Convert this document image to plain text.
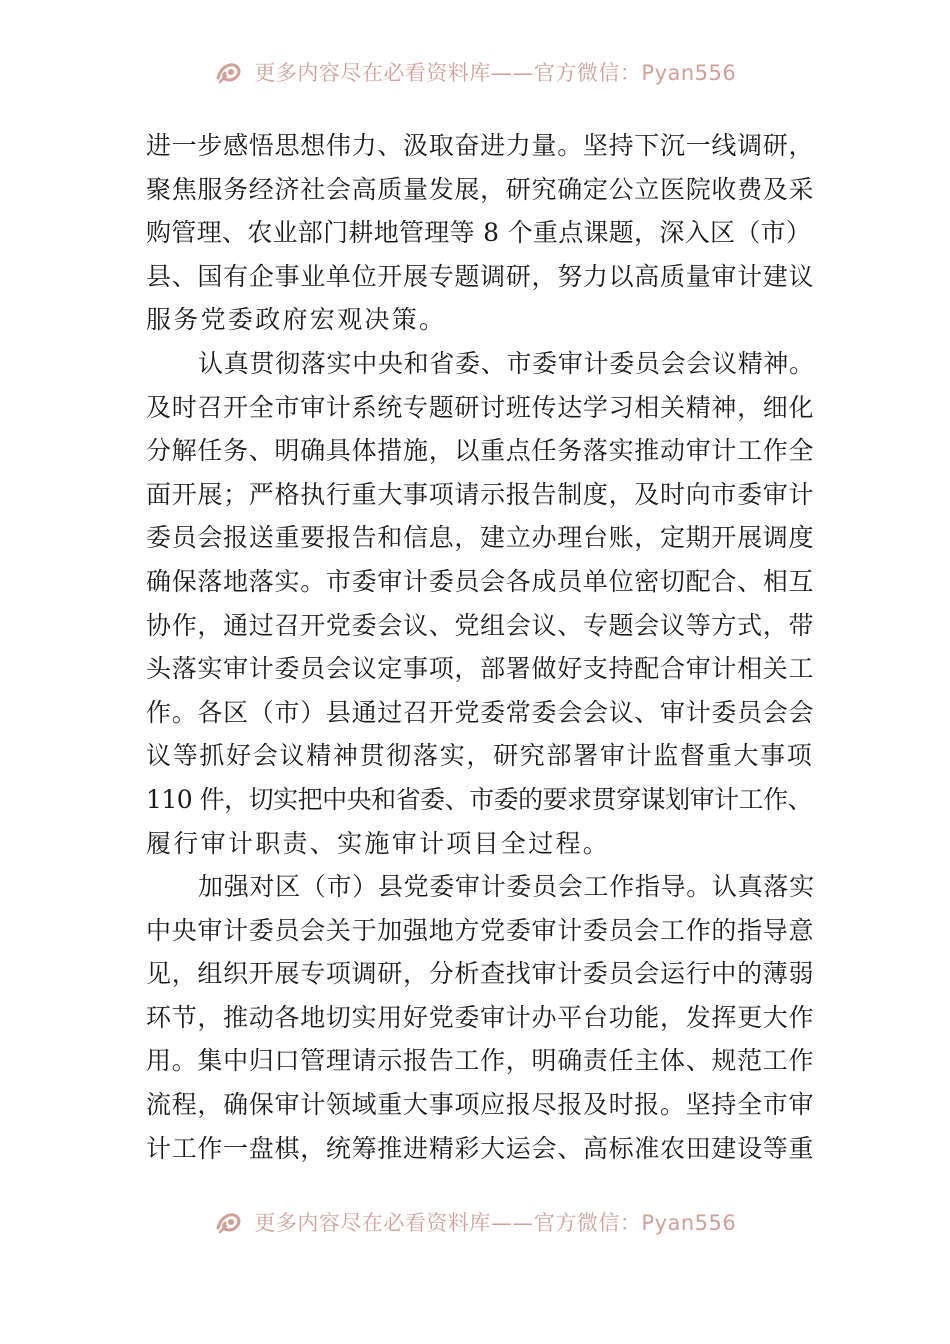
更多内容尽在必看资料库——官方微信：Pyan556

进一步感悟思想伟力、汲取奋进力量。坚持下沉一线调研，
聚焦服务经济社会高质量发展，研究确定公立医院收费及采
购管理、农业部门耕地管理等 8 个重点课题，深入区（市）
县、国有企事业单位开展专题调研，努力以高质量审计建议
服务党委政府宏观决策。

认真贯彻落实中央和省委、市委审计委员会会议精神。
及时召开全市审计系统专题研讨班传达学习相关精神，细化
分解任务、明确具体措施，以重点任务落实推动审计工作全
面开展；严格执行重大事项请示报告制度，及时向市委审计
委员会报送重要报告和信息，建立办理台账，定期开展调度
确保落地落实。市委审计委员会各成员单位密切配合、相互
协作，通过召开党委会议、党组会议、专题会议等方式，带
头落实审计委员会议定事项，部署做好支持配合审计相关工
作。各区（市）县通过召开党委常委会会议、审计委员会会
议等抓好会议精神贯彻落实，研究部署审计监督重大事项
110 件，切实把中央和省委、市委的要求贯穿谋划审计工作、
履行审计职责、实施审计项目全过程。

加强对区（市）县党委审计委员会工作指导。认真落实
中央审计委员会关于加强地方党委审计委员会工作的指导意
见，组织开展专项调研，分析查找审计委员会运行中的薄弱
环节，推动各地切实用好党委审计办平台功能，发挥更大作
用。集中归口管理请示报告工作，明确责任主体、规范工作
流程，确保审计领域重大事项应报尽报及时报。坚持全市审
计工作一盘棋，统筹推进精彩大运会、高标准农田建设等重

更多内容尽在必看资料库——官方微信：Pyan556
